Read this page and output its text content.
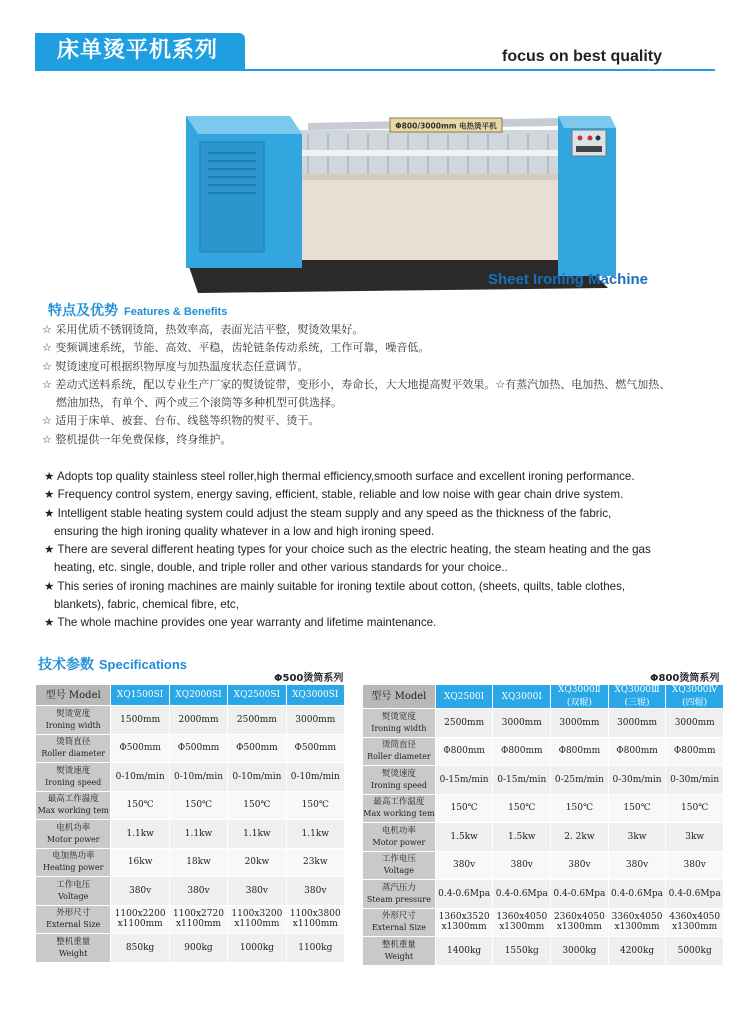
床单烫平机系列	focus on best quality
Φ800/3000mm 电热烫平机
Sheet Ironing Machine
特点及优势 Features & Benefits
☆ 采用优质不锈钢烫筒，热效率高，表面光洁平整，熨烫效果好。
☆ 变频调速系统，节能、高效、平稳，齿轮链条传动系统，工作可靠，噪音低。
☆ 熨烫速度可根据织物厚度与加热温度状态任意调节。
☆ 差动式送料系统，配以专业生产厂家的熨烫锭带，变形小，寿命长，大大地提高熨平效果。☆有蒸汽加热、电加热、燃气加热、
燃油加热，有单个、两个或三个滚筒等多种机型可供选择。
☆ 适用于床单、被套、台布、线毯等织物的熨平、烫干。
☆ 整机提供一年免费保修，终身维护。
★ Adopts top quality stainless steel roller,high thermal efficiency,smooth surface and excellent ironing performance.
★ Frequency control system, energy saving, efficient, stable, reliable and low noise with gear chain drive system.
★ Intelligent stable heating system could adjust the steam supply and any speed as the thickness of the fabric,
ensuring the high ironing quality whatever in a low and high ironing speed.
★ There are several different heating types for your choice such as the electric heating, the steam heating and the gas
heating, etc. single, double, and triple roller and other various standards for your choice..
★ This series of ironing machines are mainly suitable for ironing textile about cotton, (sheets, quilts, table clothes,
blankets), fabric, chemical fibre, etc,
★ The whole machine provides one year warranty and lifetime maintenance.
技术参数 Specifications
Φ500烫筒系列	Φ800烫筒系列
型号 Model	XQ1500SI	XQ2000SI	XQ2500SI	XQ3000SI

熨烫宽度
Ironing width	1500mm	2000mm	2500mm	3000mm

烫筒直径
Roller diameter	Φ500mm	Φ500mm	Φ500mm	Φ500mm

熨烫速度
Ironing speed	0-10m/min	0-10m/min	0-10m/min	0-10m/min

最高工作温度
Max working tem	150℃	150℃	150℃	150℃

电机功率
Motor power	1.1kw	1.1kw	1.1kw	1.1kw

电加热功率
Heating power	16kw	18kw	20kw	23kw

工作电压
Voltage	380v	380v	380v	380v

外形尺寸
External Size	1100x2200 x1100mm	1100x2720 x1100mm	1100x3200 x1100mm	1100x3800 x1100mm

整机重量
Weight	850kg	900kg	1000kg	1100kg
型号 Model	XQ2500I	XQ3000I	XQ3000Ⅱ (双辊)	XQ3000Ⅲ (三辊)	XQ3000Ⅳ (四辊)

熨烫宽度
Ironing width	2500mm	3000mm	3000mm	3000mm	3000mm

烫筒直径
Roller diameter	Φ800mm	Φ800mm	Φ800mm	Φ800mm	Φ800mm

熨烫速度
Ironing speed	0-15m/min	0-15m/min	0-25m/min	0-30m/min	0-30m/min

最高工作温度
Max working tem	150℃	150℃	150℃	150℃	150℃

电机功率
Motor power	1.5kw	1.5kw	2. 2kw	3kw	3kw

工作电压
Voltage	380v	380v	380v	380v	380v

蒸汽压力
Steam pressure	0.4-0.6Mpa	0.4-0.6Mpa	0.4-0.6Mpa	0.4-0.6Mpa	0.4-0.6Mpa

外形尺寸
External Size	1360x3520 x1300mm	1360x4050 x1300mm	2360x4050 x1300mm	3360x4050 x1300mm	4360x4050 x1300mm

整机重量
Weight	1400kg	1550kg	3000kg	4200kg	5000kg
